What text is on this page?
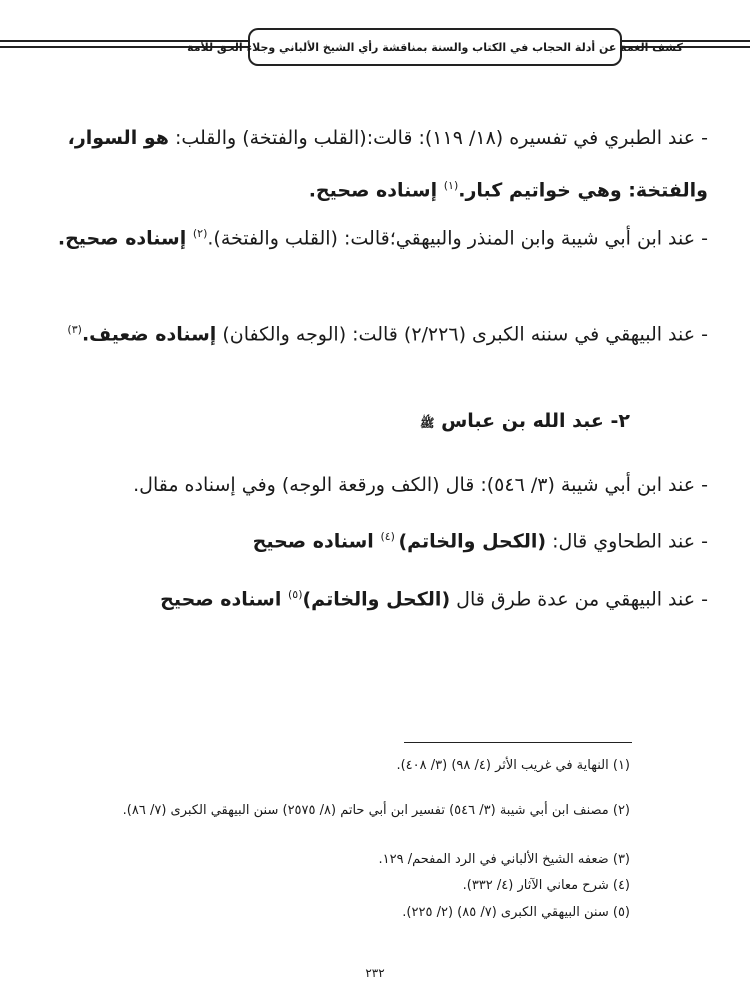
كشف الغمة عن أدلة الحجاب في الكتاب والسنة بمناقشة رأي الشيخ الألباني وجلاء الحق للأمة
- عند الطبري في تفسيره (١٨/ ١١٩): قالت:(القلب والفتخة) والقلب: هو السوار، والفتخة: وهي خواتيم كبار.$^{(١)}$ إسناده صحيح.
- عند ابن أبي شيبة وابن المنذر والبيهقي؛قالت: (القلب والفتخة).$^{(٢)}$ إسناده صحيح.
- عند البيهقي في سننه الكبرى (٢/٢٢٦) قالت: (الوجه والكفان) إسناده ضعيف.$^{(٣)}$
٢- عبد الله بن عباس ﷺ
- عند ابن أبي شيبة (٣/ ٥٤٦): قال (الكف ورقعة الوجه) وفي إسناده مقال.
- عند الطحاوي قال: (الكحل والخاتم) $^{(٤)}$ اسناده صحيح
- عند البيهقي من عدة طرق قال (الكحل والخاتم)$^{(٥)}$ اسناده صحيح
(١) النهاية في غريب الأثر (٤/ ٩٨) (٣/ ٤٠٨).
(٢) مصنف ابن أبي شيبة (٣/ ٥٤٦) تفسير ابن أبي حاتم (٨/ ٢٥٧٥) سنن البيهقي الكبرى (٧/ ٨٦).
(٣) ضعفه الشيخ الألباني في الرد المفحم/ ١٢٩.
(٤) شرح معاني الآثار (٤/ ٣٣٢).
(٥) سنن البيهقي الكبرى (٧/ ٨٥) (٢/ ٢٢٥).
٢٣٢
